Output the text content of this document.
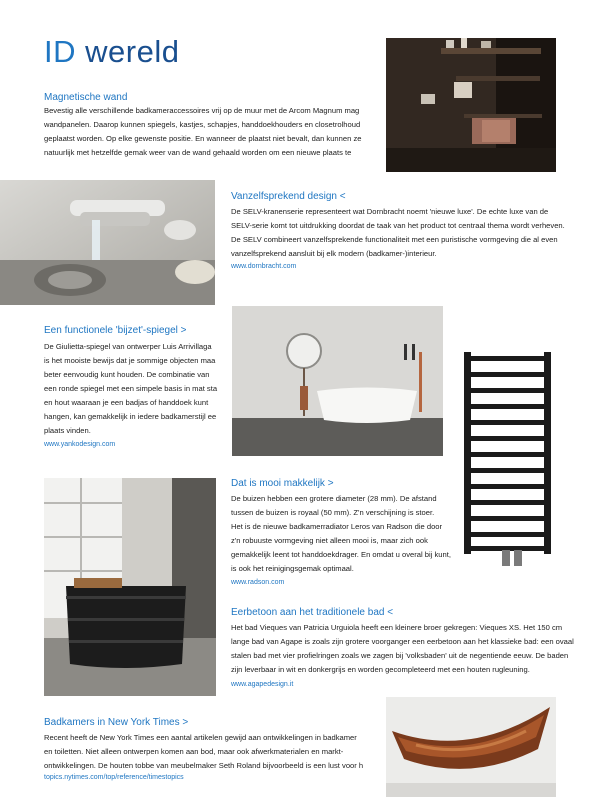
ID wereld
Magnetische wand

Bevestig alle verschillende badkameraccessoires vrij op de muur met de Arcom Magnum mag

wandpanelen. Daarop kunnen spiegels, kastjes, schapjes, handdoekhouders en closetrolhoud

geplaatst worden. Op elke gewenste positie. En wanneer de plaatst niet bevalt, dan kunnen ze

natuurlijk met hetzelfde gemak weer van de wand gehaald worden om een nieuwe plaats te

Vanzelfsprekend design <

De SELV-kranenserie representeert wat Dornbracht noemt 'nieuwe luxe'. De echte luxe van de

SELV-serie komt tot uitdrukking doordat de taak van het product tot centraal thema wordt verheven.

De SELV combineert vanzelfsprekende functionaliteit met een puristische vormgeving die al even

vanzelfsprekend aansluit bij elk modern (badkamer-)interieur.

www.dornbracht.com
Een functionele 'bijzet'-spiegel >

De Giulietta-spiegel van ontwerper Luis Arrivillaga

is het mooiste bewijs dat je sommige objecten maa

beter eenvoudig kunt houden. De combinatie van

een ronde spiegel met een simpele basis in mat sta

en hout waaraan je een badjas of handdoek kunt

hangen, kan gemakkelijk in iedere badkamerstijl ee

plaats vinden.

www.yankodesign.com
Dat is mooi makkelijk >

De buizen hebben een grotere diameter (28 mm). De afstand

tussen de buizen is royaal (50 mm). Z'n verschijning is stoer.

Het is de nieuwe badkamerradiator Leros van Radson die door

z'n robuuste vormgeving niet alleen mooi is, maar zich ook

gemakkelijk leent tot handdoekdrager. En omdat u overal bij kunt,

is ook het reinigingsgemak optimaal.

www.radson.com
Eerbetoon aan het traditionele bad <

Het bad Vieques van Patricia Urguiola heeft een kleinere broer gekregen: Vieques XS. Het 150 cm

lange bad van Agape is zoals zijn grotere voorganger een eerbetoon aan het klassieke bad: een ovaal

stalen bad met vier profielringen zoals we zagen bij 'volksbaden' uit de negentiende eeuw. De baden

zijn leverbaar in wit en donkergrijs en worden gecompleteerd met een houten rugleuning.

www.agapedesign.it
Badkamers in New York Times >

Recent heeft de New York Times een aantal artikelen gewijd aan ontwikkelingen in badkamer

en toiletten. Niet alleen ontwerpen komen aan bod, maar ook afwerkmaterialen en markt-

ontwikkelingen. De houten tobbe van meubelmaker Seth Roland bijvoorbeeld is een lust voor h

topics.nytimes.com/top/reference/timestopics
